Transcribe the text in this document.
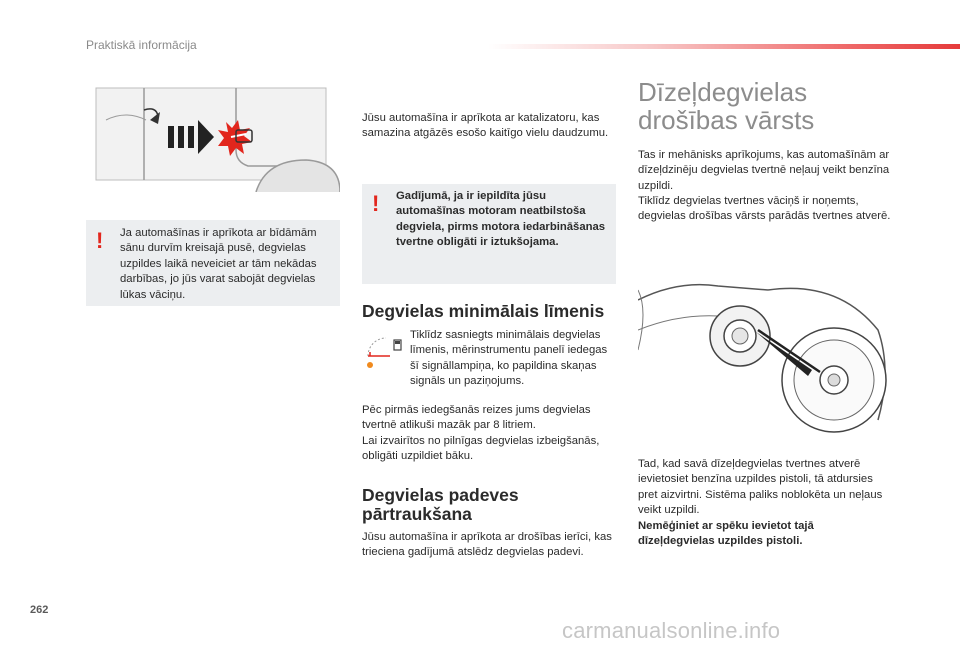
Praktiskā informācija
! Ja automašīnas ir aprīkota ar bīdāmām sānu durvīm kreisajā pusē, degvielas uzpildes laikā neveiciet ar tām nekādas darbības, jo jūs varat sabojāt degvielas lūkas vāciņu.
Jūsu automašīna ir aprīkota ar katalizatoru, kas samazina atgāzēs esošo kaitīgo vielu daudzumu.
! Gadījumā, ja ir iepildīta jūsu automašīnas motoram neatbilstoša degviela, pirms motora iedarbināšanas tvertne obligāti ir iztukšojama.
Degvielas minimālais līmenis
Tiklīdz sasniegts minimālais degvielas līmenis, mērinstrumentu panelī iedegas šī signāllampiņa, ko papildina skaņas signāls un paziņojums.
Pēc pirmās iedegšanās reizes jums degvielas tvertnē atlikuši mazāk par 8 litriem.
Lai izvairītos no pilnīgas degvielas izbeigšanās, obligāti uzpildiet bāku.
Degvielas padeves
pārtraukšana
Jūsu automašīna ir aprīkota ar drošības ierīci, kas trieciena gadījumā atslēdz degvielas padevi.
Dīzeļdegvielas
drošības vārsts
Tas ir mehānisks aprīkojums, kas automašīnām ar dīzeļdzinēju degvielas tvertnē neļauj veikt benzīna uzpildi.
Tiklīdz degvielas tvertnes vāciņš ir noņemts, degvielas drošības vārsts parādās tvertnes atverē.
Tad, kad savā dīzeļdegvielas tvertnes atverē ievietosiet benzīna uzpildes pistoli, tā atdursies pret aizvirtni. Sistēma paliks noblokēta un neļaus veikt uzpildi.
Nemēģiniet ar spēku ievietot tajā dīzeļdegvielas uzpildes pistoli.
262
carmanualsonline.info
